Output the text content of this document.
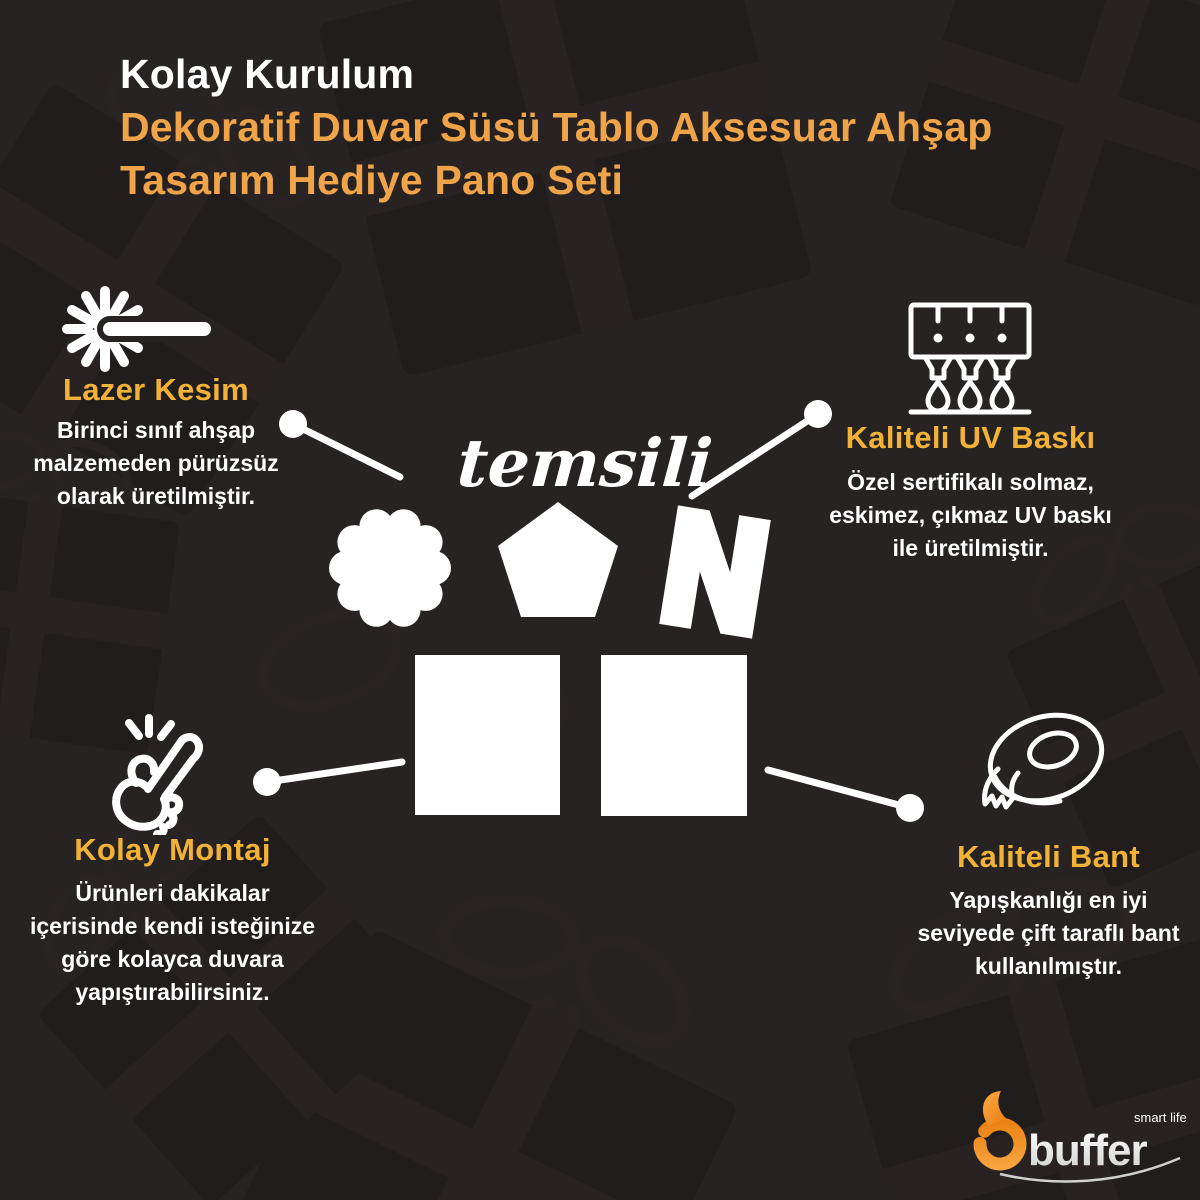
Kolay Kurulum
Dekoratif Duvar Süsü Tablo Aksesuar Ahşap
Tasarım Hediye Pano Seti
Lazer Kesim
Birinci sınıf ahşap
malzemeden pürüzsüz
olarak üretilmiştir.
Kaliteli UV Baskı
Özel sertifikalı solmaz,
eskimez, çıkmaz UV baskı
ile üretilmiştir.
Kolay Montaj
Ürünleri dakikalar
içerisinde kendi isteğinize
göre kolayca duvara
yapıştırabilirsiniz.
Kaliteli Bant
Yapışkanlığı en iyi
seviyede çift taraflı bant
kullanılmıştır.
temsili
buffer
smart life
